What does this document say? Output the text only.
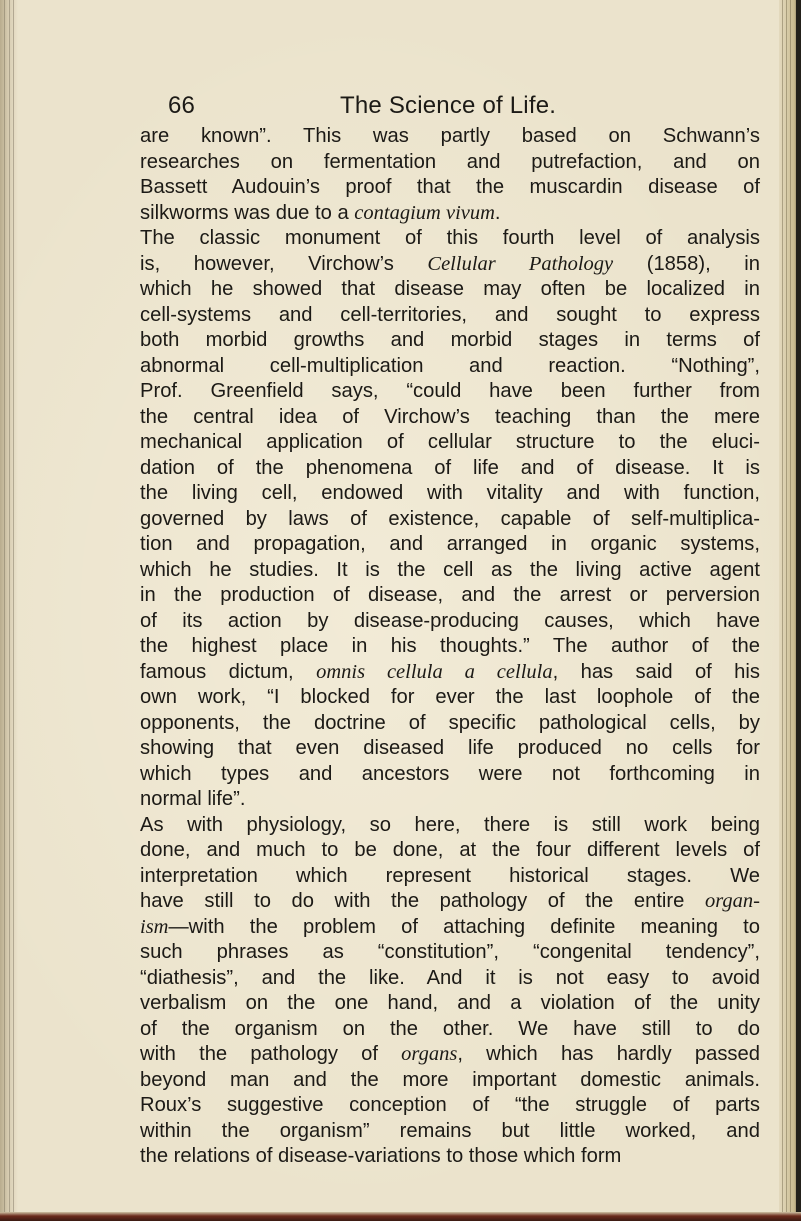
66	The Science of Life.
are known”. This was partly based on Schwann’s
researches on fermentation and putrefaction, and on
Bassett Audouin’s proof that the muscardin disease of
silkworms was due to a contagium vivum.
The classic monument of this fourth level of analysis
is, however, Virchow’s Cellular Pathology (1858), in
which he showed that disease may often be localized in
cell-systems and cell-territories, and sought to express
both morbid growths and morbid stages in terms of
abnormal cell-multiplication and reaction. “Nothing”,
Prof. Greenfield says, “could have been further from
the central idea of Virchow’s teaching than the mere
mechanical application of cellular structure to the eluci-
dation of the phenomena of life and of disease. It is
the living cell, endowed with vitality and with function,
governed by laws of existence, capable of self-multiplica-
tion and propagation, and arranged in organic systems,
which he studies. It is the cell as the living active agent
in the production of disease, and the arrest or perversion
of its action by disease-producing causes, which have
the highest place in his thoughts.” The author of the
famous dictum, omnis cellula a cellula, has said of his
own work, “I blocked for ever the last loophole of the
opponents, the doctrine of specific pathological cells, by
showing that even diseased life produced no cells for
which types and ancestors were not forthcoming in
normal life”.
As with physiology, so here, there is still work being
done, and much to be done, at the four different levels of
interpretation which represent historical stages. We
have still to do with the pathology of the entire organ-
ism—with the problem of attaching definite meaning to
such phrases as “constitution”, “congenital tendency”,
“diathesis”, and the like. And it is not easy to avoid
verbalism on the one hand, and a violation of the unity
of the organism on the other. We have still to do
with the pathology of organs, which has hardly passed
beyond man and the more important domestic animals.
Roux’s suggestive conception of “the struggle of parts
within the organism” remains but little worked, and
the relations of disease-variations to those which form
